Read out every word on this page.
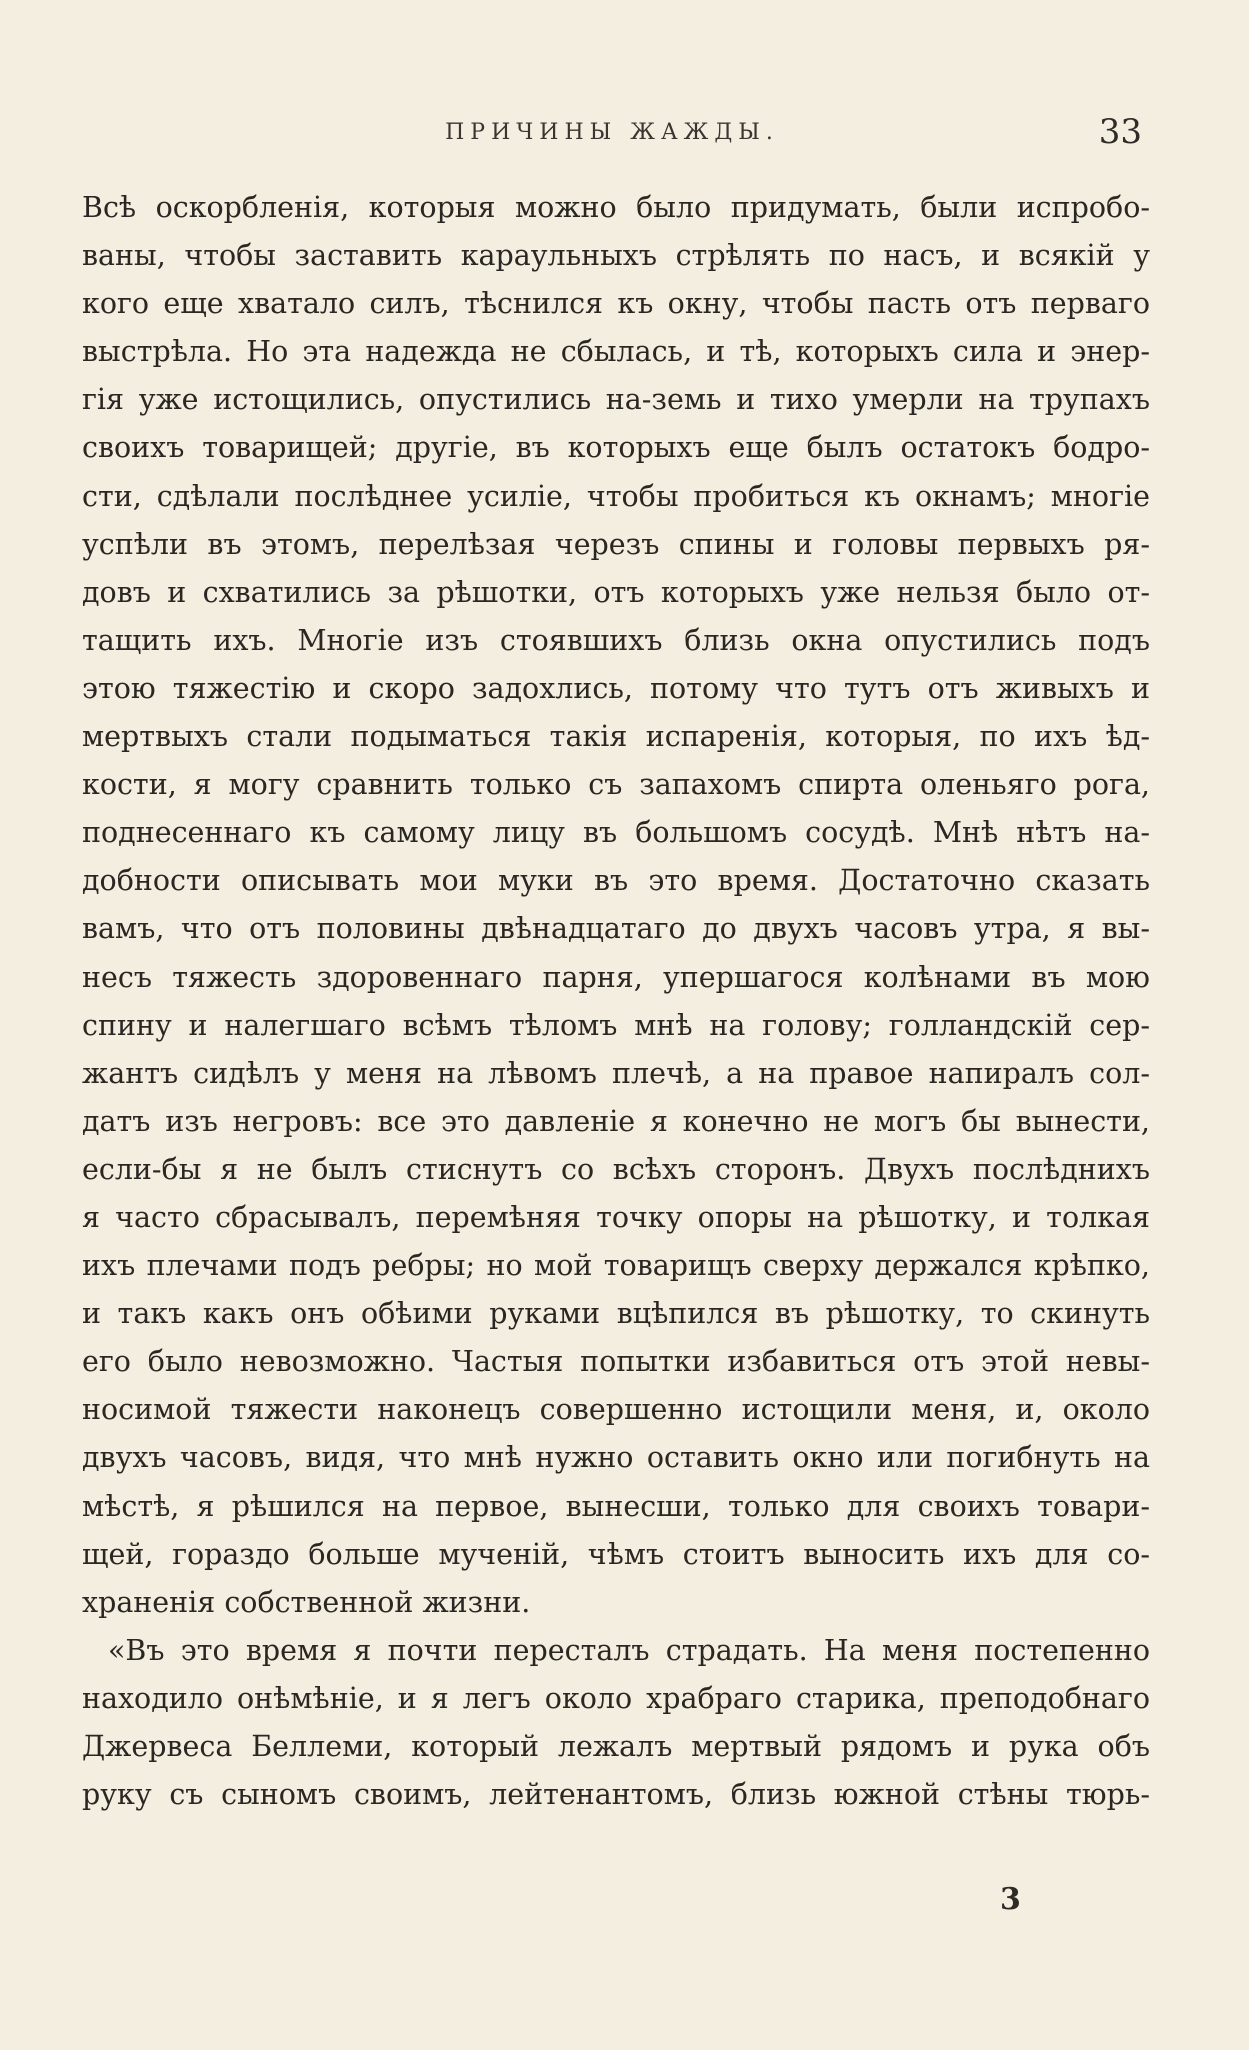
ПРИЧИНЫ ЖАЖДЫ.	33
Всѣ оскорбленія, которыя можно было придумать, были испробо-
ваны, чтобы заставить караульныхъ стрѣлять по насъ, и всякій у
кого еще хватало силъ, тѣснился къ окну, чтобы пасть отъ перваго
выстрѣла. Но эта надежда не сбылась, и тѣ, которыхъ сила и энер-
гія уже истощились, опустились на-земь и тихо умерли на трупахъ
своихъ товарищей; другіе, въ которыхъ еще былъ остатокъ бодро-
сти, сдѣлали послѣднее усиліе, чтобы пробиться къ окнамъ; многіе
успѣли въ этомъ, перелѣзая черезъ спины и головы первыхъ ря-
довъ и схватились за рѣшотки, отъ которыхъ уже нельзя было от-
тащить ихъ. Многіе изъ стоявшихъ близь окна опустились подъ
этою тяжестію и скоро задохлись, потому что тутъ отъ живыхъ и
мертвыхъ стали подыматься такія испаренія, которыя, по ихъ ѣд-
кости, я могу сравнить только съ запахомъ спирта оленьяго рога,
поднесеннаго къ самому лицу въ большомъ сосудѣ. Мнѣ нѣтъ на-
добности описывать мои муки въ это время. Достаточно сказать
вамъ, что отъ половины двѣнадцатаго до двухъ часовъ утра, я вы-
несъ тяжесть здоровеннаго парня, упершагося колѣнами въ мою
спину и налегшаго всѣмъ тѣломъ мнѣ на голову; голландскій сер-
жантъ сидѣлъ у меня на лѣвомъ плечѣ, а на правое напиралъ сол-
датъ изъ негровъ: все это давленіе я конечно не могъ бы вынести,
если-бы я не былъ стиснутъ со всѣхъ сторонъ. Двухъ послѣднихъ
я часто сбрасывалъ, перемѣняя точку опоры на рѣшотку, и толкая
ихъ плечами подъ ребры; но мой товарищъ сверху держался крѣпко,
и такъ какъ онъ обѣими руками вцѣпился въ рѣшотку, то скинуть
его было невозможно. Частыя попытки избавиться отъ этой невы-
носимой тяжести наконецъ совершенно истощили меня, и, около
двухъ часовъ, видя, что мнѣ нужно оставить окно или погибнуть на
мѣстѣ, я рѣшился на первое, вынесши, только для своихъ товари-
щей, гораздо больше мученій, чѣмъ стоитъ выносить ихъ для со-
храненія собственной жизни.
«Въ это время я почти пересталъ страдать. На меня постепенно
находило онѣмѣніе, и я легъ около храбраго старика, преподобнаго
Джервеса Беллеми, который лежалъ мертвый рядомъ и рука объ
руку съ сыномъ своимъ, лейтенантомъ, близь южной стѣны тюрь-
3
